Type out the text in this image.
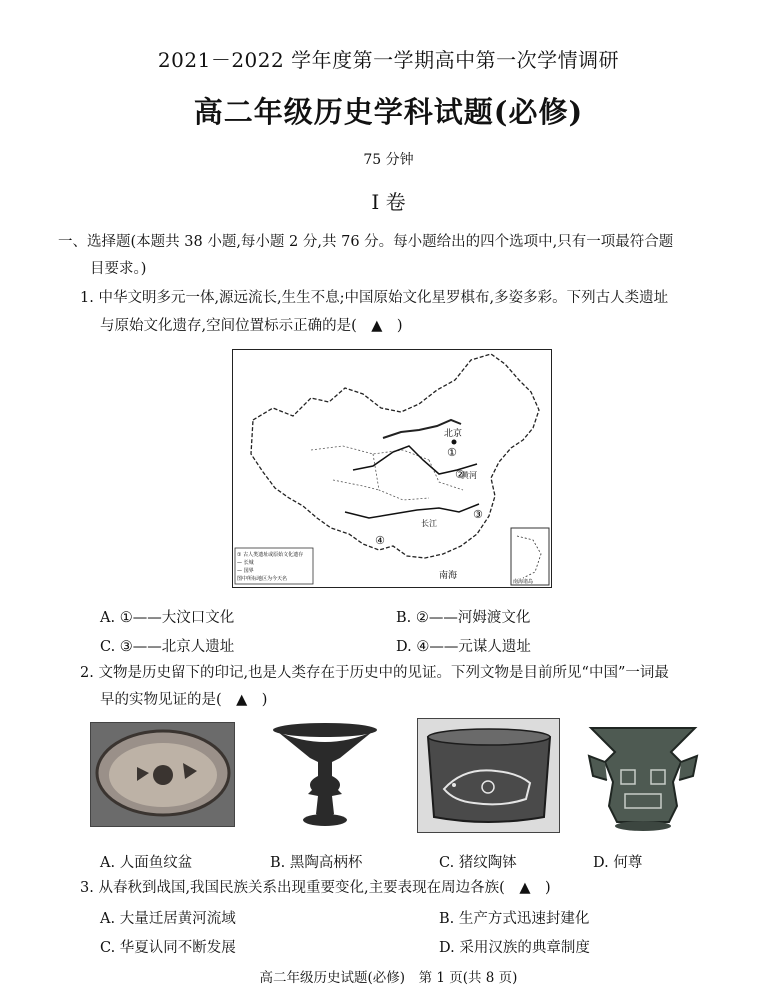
2021－2022 学年度第一学期高中第一次学情调研
高二年级历史学科试题(必修)
75 分钟
I 卷
一、选择题(本题共 38 小题,每小题 2 分,共 76 分。每小题给出的四个选项中,只有一项最符合题
目要求。)
1. 中华文明多元一体,源远流长,生生不息;中国原始文化星罗棋布,多姿多彩。下列古人类遗址
与原始文化遗存,空间位置标示正确的是(　▲　)
北京
①
②
③
④
黄河
长江
南海
① 古人类遗址或原始文化遗存
— 长城
— 国界
图中所标地区为今天名	南海诸岛
A. ①——大汶口文化	B. ②——河姆渡文化
C. ③——北京人遗址	D. ④——元谋人遗址
2. 文物是历史留下的印记,也是人类存在于历史中的见证。下列文物是目前所见“中国”一词最
早的实物见证的是(　▲　)
A. 人面鱼纹盆	B. 黑陶高柄杯	C. 猪纹陶钵	D. 何尊
3. 从春秋到战国,我国民族关系出现重要变化,主要表现在周边各族(　▲　)
A. 大量迁居黄河流域	B. 生产方式迅速封建化
C. 华夏认同不断发展	D. 采用汉族的典章制度
高二年级历史试题(必修)　第 1 页(共 8 页)
